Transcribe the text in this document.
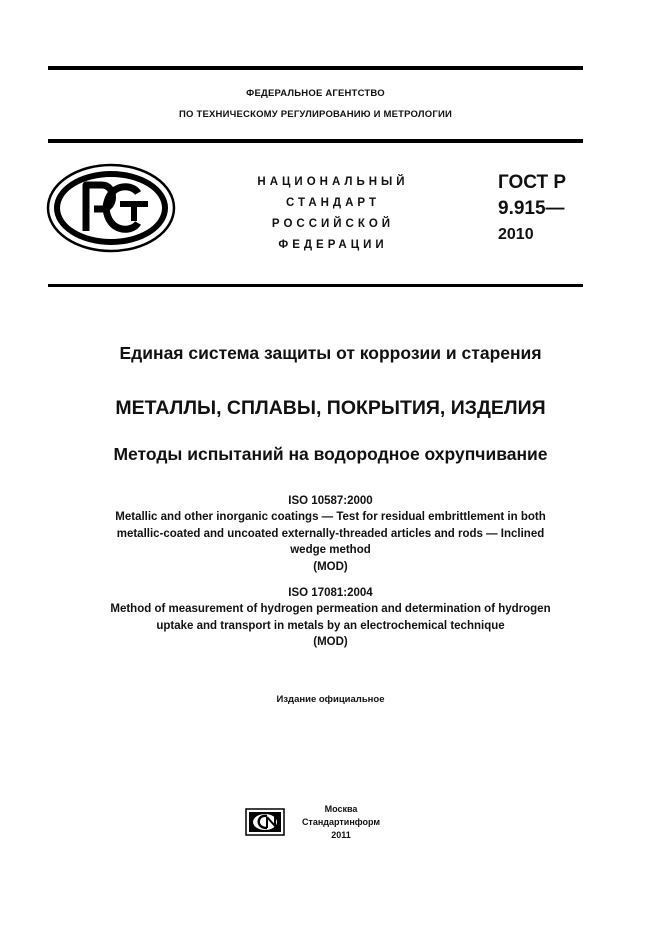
ФЕДЕРАЛЬНОЕ АГЕНТСТВО
ПО ТЕХНИЧЕСКОМУ РЕГУЛИРОВАНИЮ И МЕТРОЛОГИИ
НАЦИОНАЛЬНЫЙ
СТАНДАРТ
РОССИЙСКОЙ
ФЕДЕРАЦИИ
ГОСТ Р
9.915—
2010
Единая система защиты от коррозии и старения
МЕТАЛЛЫ, СПЛАВЫ, ПОКРЫТИЯ, ИЗДЕЛИЯ
Методы испытаний на водородное охрупчивание
ISO 10587:2000
Metallic and other inorganic coatings — Test for residual embrittlement in both
metallic-coated and uncoated externally-threaded articles and rods — Inclined
wedge method
(MOD)
ISO 17081:2004
Method of measurement of hydrogen permeation and determination of hydrogen
uptake and transport in metals by an electrochemical technique
(MOD)
Издание официальное
Москва
Стандартинформ
2011
